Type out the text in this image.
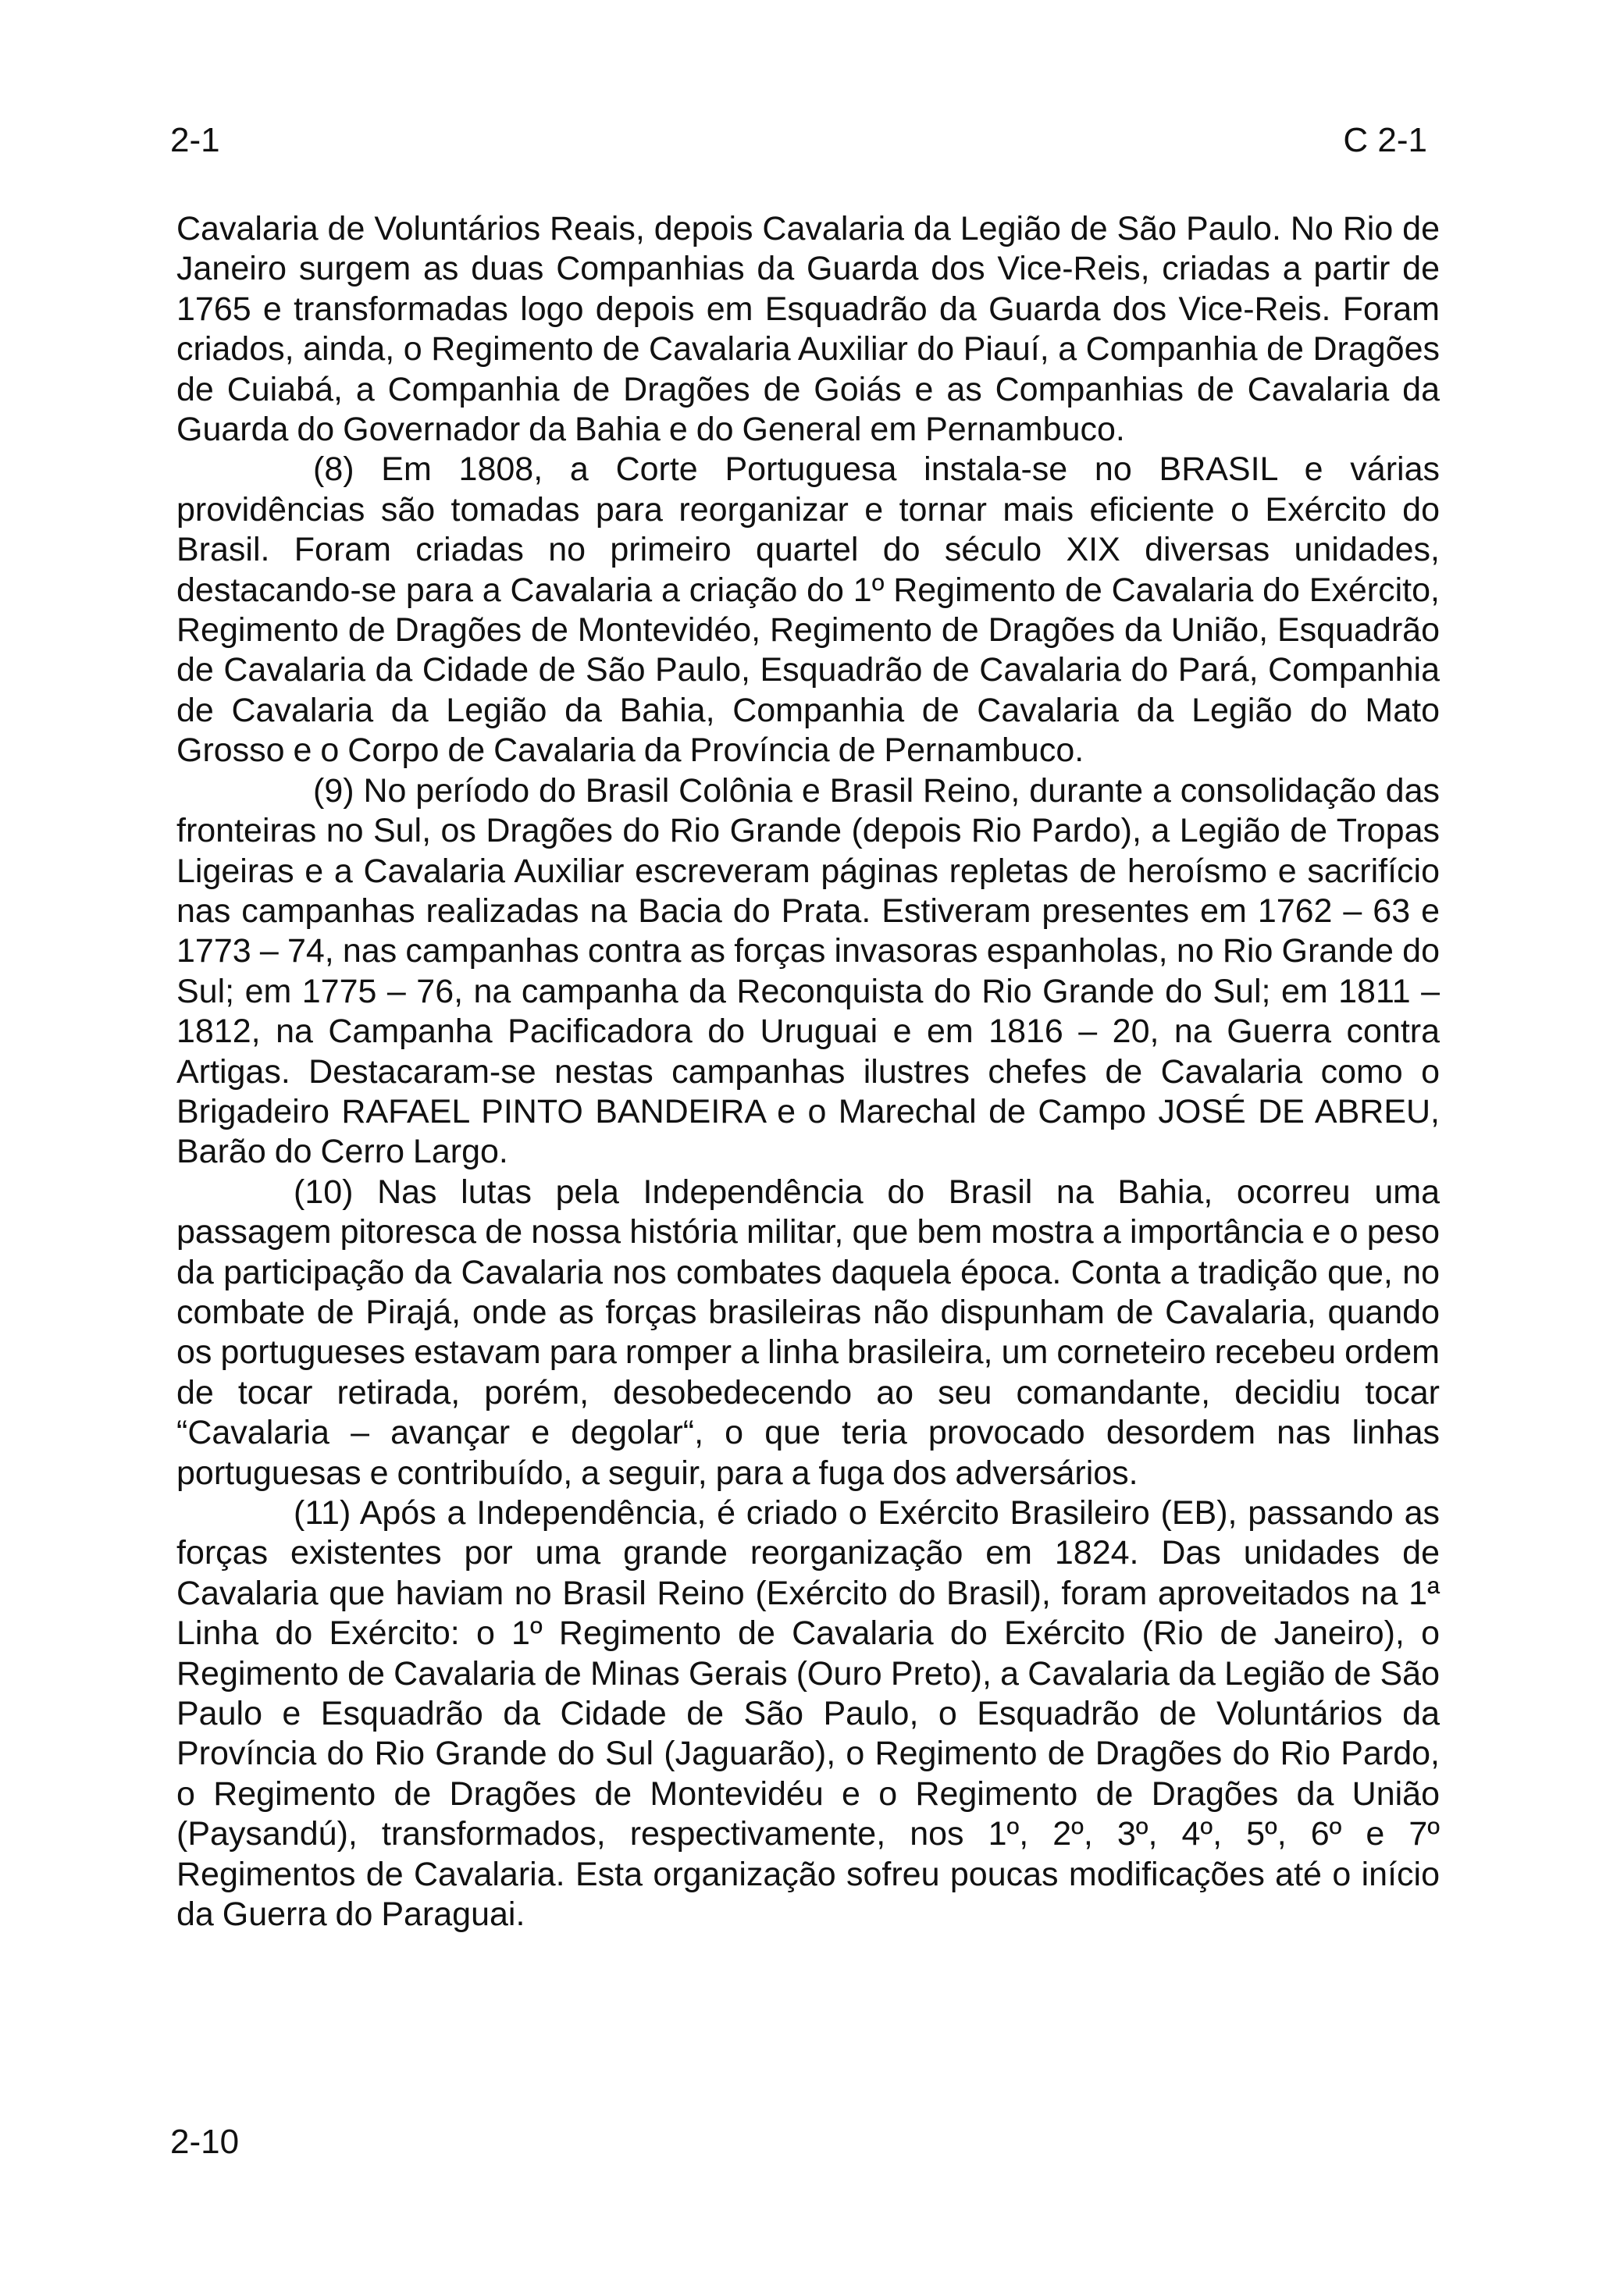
2-1	C 2-1

Cavalaria de Voluntários Reais, depois Cavalaria da Legião de São Paulo. No Rio de Janeiro surgem as duas Companhias da Guarda dos Vice-Reis, criadas a partir de 1765 e transformadas logo depois em Esquadrão da Guarda dos Vice-Reis. Foram criados, ainda, o Regimento de Cavalaria Auxiliar do Piauí, a Companhia de Dragões de Cuiabá, a Companhia de Dragões de Goiás e as Companhias de Cavalaria da Guarda do Governador da Bahia e do General em Pernambuco.

(8) Em 1808, a Corte Portuguesa instala-se no BRASIL e várias providências são tomadas para reorganizar e tornar mais eficiente o Exército do Brasil. Foram criadas no primeiro quartel do século XIX diversas unidades, destacando-se para a Cavalaria a criação do 1º Regimento de Cavalaria do Exército, Regimento de Dragões de Montevidéo, Regimento de Dragões da União, Esquadrão de Cavalaria da Cidade de São Paulo, Esquadrão de Cavalaria do Pará, Companhia de Cavalaria da Legião da Bahia, Companhia de Cavalaria da Legião do Mato Grosso e o Corpo de Cavalaria da Província de Pernambuco.

(9) No período do Brasil Colônia e Brasil Reino, durante a consolidação das fronteiras no Sul, os Dragões do Rio Grande (depois Rio Pardo), a Legião de Tropas Ligeiras e a Cavalaria Auxiliar escreveram páginas repletas de heroísmo e sacrifício nas campanhas realizadas na Bacia do Prata. Estiveram presentes em 1762 – 63 e 1773 – 74, nas campanhas contra as forças invasoras espanholas, no Rio Grande do Sul; em 1775 – 76, na campanha da Reconquista do Rio Grande do Sul; em 1811 – 1812, na Campanha Pacificadora do Uruguai e em 1816 – 20, na Guerra contra Artigas. Destacaram-se nestas campanhas ilustres chefes de Cavalaria como o Brigadeiro RAFAEL PINTO BANDEIRA e o Marechal de Campo JOSÉ DE ABREU, Barão do Cerro Largo.

(10) Nas lutas pela Independência do Brasil na Bahia, ocorreu uma passagem pitoresca de nossa história militar, que bem mostra a importância e o peso da participação da Cavalaria nos combates daquela época. Conta a tradição que, no combate de Pirajá, onde as forças brasileiras não dispunham de Cavalaria, quando os portugueses estavam para romper a linha brasileira, um corneteiro recebeu ordem de tocar retirada, porém, desobedecendo ao seu comandante, decidiu tocar “Cavalaria – avançar e degolar“, o que teria provocado desordem nas linhas portuguesas e contribuído, a seguir, para a fuga dos adversários.

(11) Após a Independência, é criado o Exército Brasileiro (EB), passando as forças existentes por uma grande reorganização em 1824. Das unidades de Cavalaria que haviam no Brasil Reino (Exército do Brasil), foram aproveitados na 1ª Linha do Exército: o 1º Regimento de Cavalaria do Exército (Rio de Janeiro), o Regimento de Cavalaria de Minas Gerais (Ouro Preto), a Cavalaria da Legião de São Paulo e Esquadrão da Cidade de São Paulo, o Esquadrão de Voluntários da Província do Rio Grande do Sul (Jaguarão), o Regimento de Dragões do Rio Pardo, o Regimento de Dragões de Montevidéu e o Regimento de Dragões da União (Paysandú), transformados, respectivamente, nos 1º, 2º, 3º, 4º, 5º, 6º e 7º Regimentos de Cavalaria. Esta organização sofreu poucas modificações até o início da Guerra do Paraguai.

2-10
